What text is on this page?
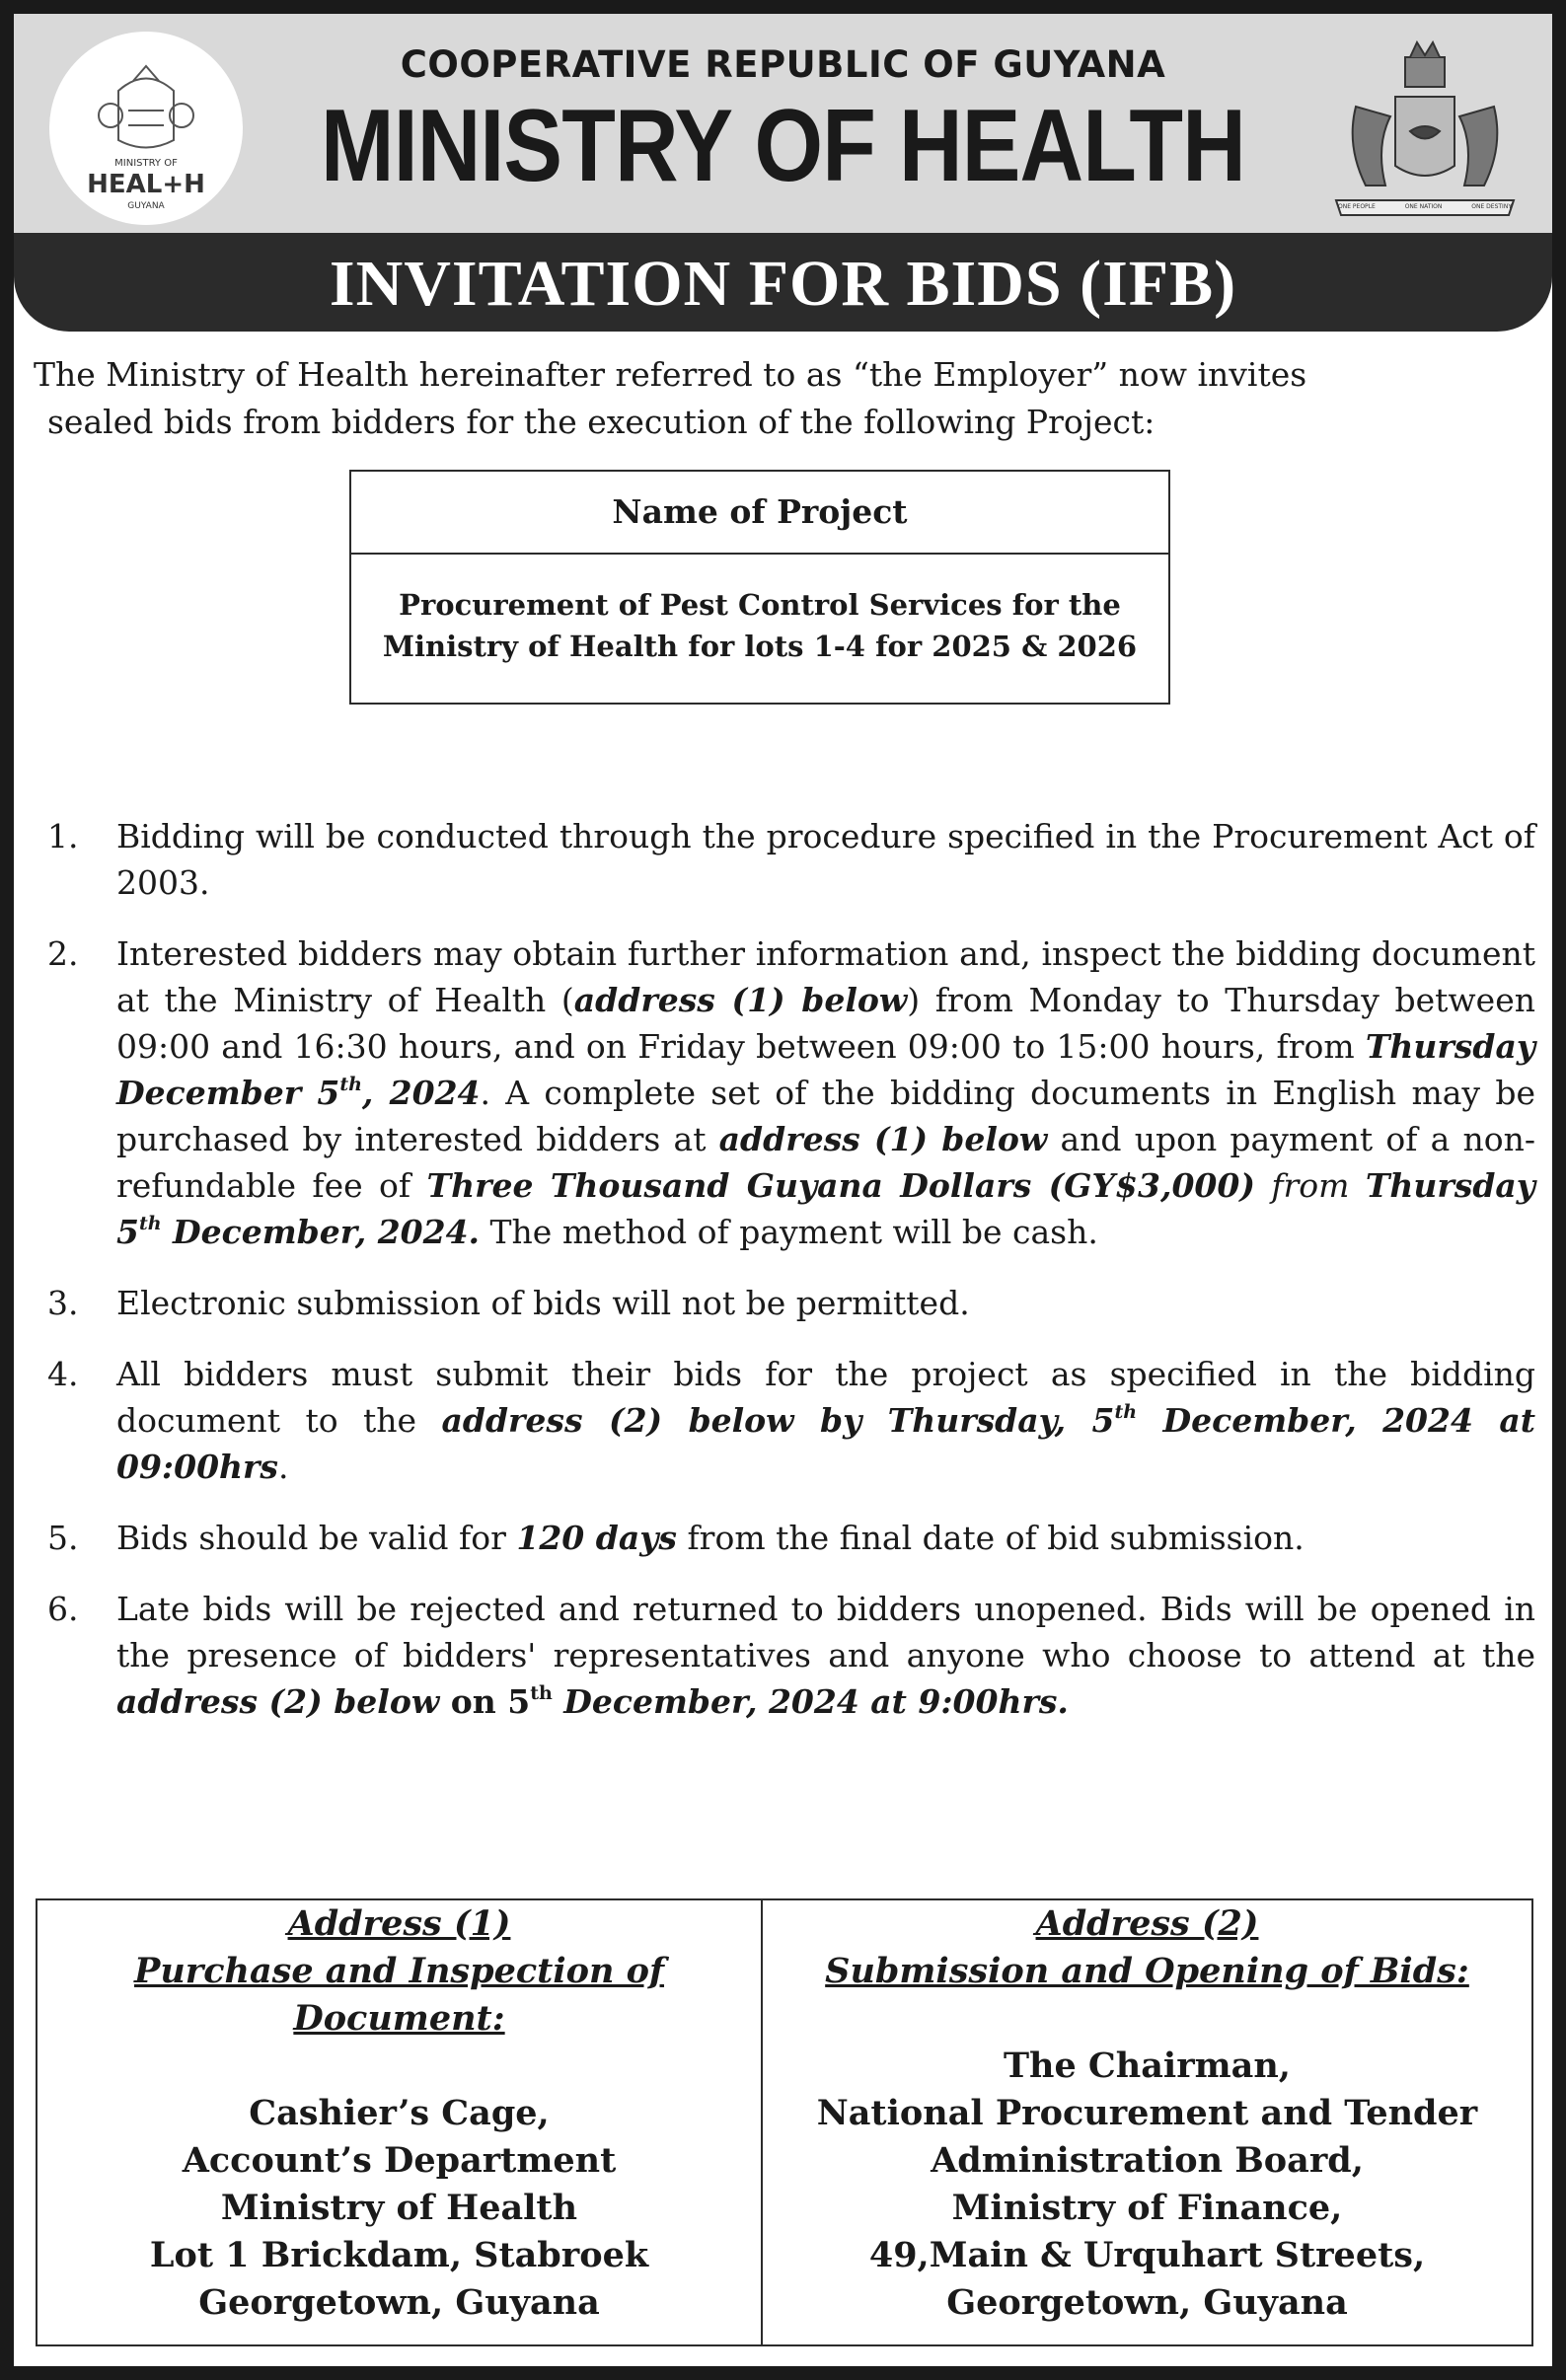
MINISTRY OF
HEAL+H
GUYANA
COOPERATIVE REPUBLIC OF GUYANA
MINISTRY OF HEALTH
ONE PEOPLE	ONE NATION	ONE DESTINY
INVITATION FOR BIDS (IFB)
The Ministry of Health hereinafter referred to as “the Employer” now invites
sealed bids from bidders for the execution of the following Project:
Name of Project
Procurement of Pest Control Services for the
Ministry of Health for lots 1-4 for 2025 & 2026
1. Bidding will be conducted through the procedure specified in the Procurement Act of 2003.
2. Interested bidders may obtain further information and, inspect the bidding document at the Ministry of Health (address (1) below) from Monday to Thursday between 09:00 and 16:30 hours, and on Friday between 09:00 to 15:00 hours, from Thursday December 5th, 2024. A complete set of the bidding documents in English may be purchased by interested bidders at address (1) below and upon payment of a non-refundable fee of Three Thousand Guyana Dollars (GY$3,000) from Thursday 5th December, 2024. The method of payment will be cash.
3. Electronic submission of bids will not be permitted.
4. All bidders must submit their bids for the project as specified in the bidding document to the address (2) below by Thursday, 5th December, 2024 at 09:00hrs.
5. Bids should be valid for 120 days from the final date of bid submission.
6. Late bids will be rejected and returned to bidders unopened. Bids will be opened in the presence of bidders' representatives and anyone who choose to attend at the address (2) below on 5th December, 2024 at 9:00hrs.
Address (1)
Purchase and Inspection of
Document:
Cashier’s Cage,
Account’s Department
Ministry of Health
Lot 1 Brickdam, Stabroek
Georgetown, Guyana
Address (2)
Submission and Opening of Bids:
The Chairman,
National Procurement and Tender
Administration Board,
Ministry of Finance,
49,Main & Urquhart Streets,
Georgetown, Guyana
